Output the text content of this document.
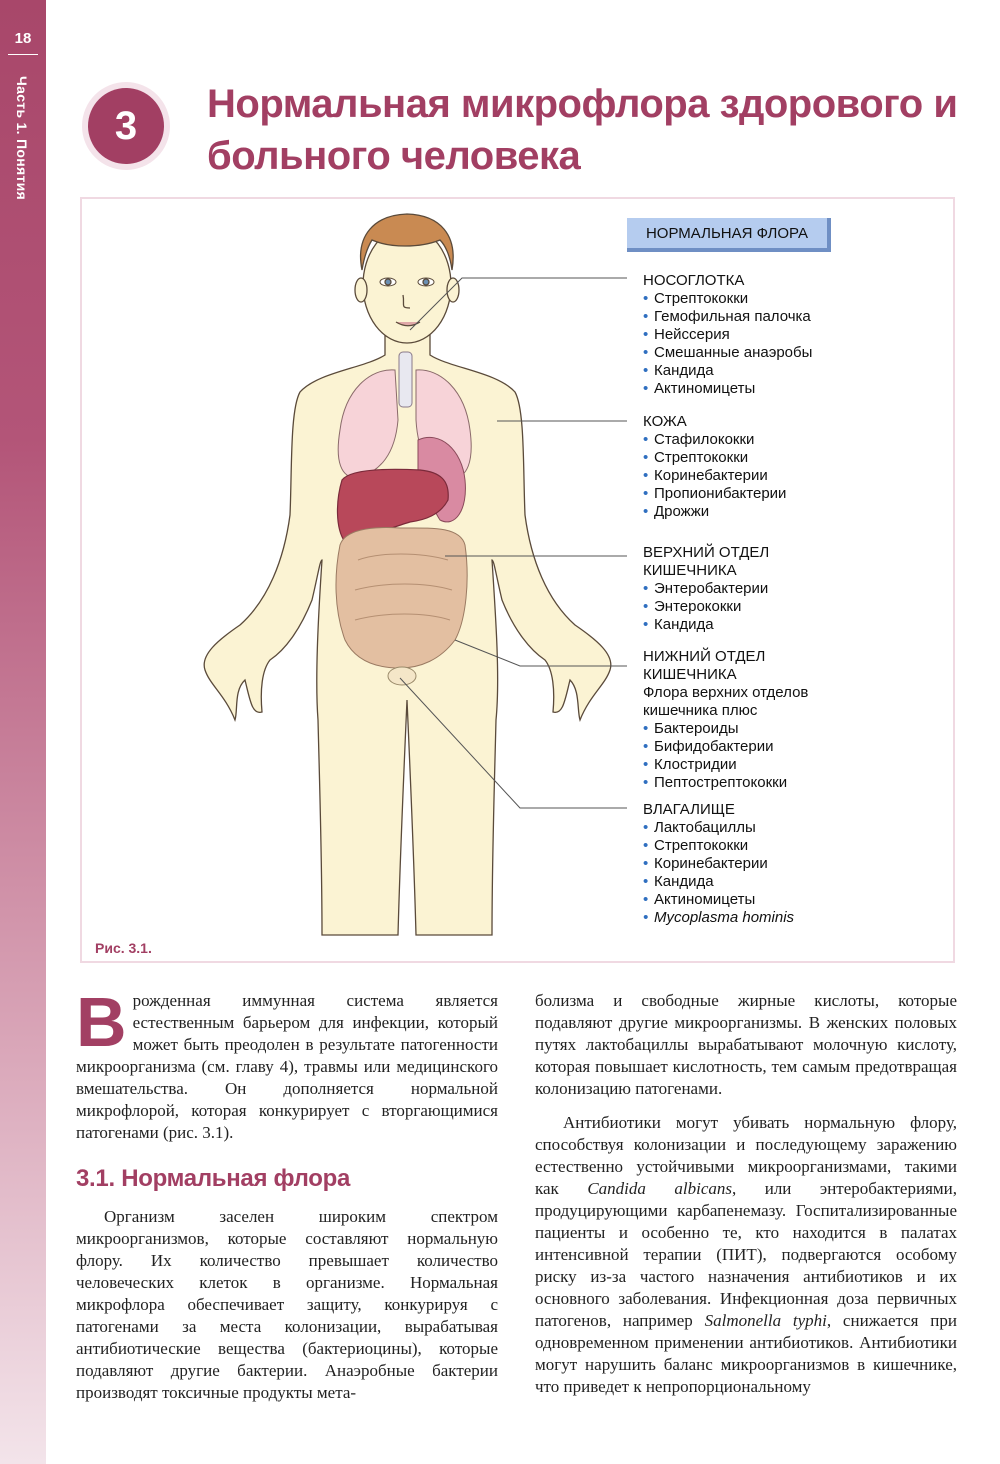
18
Часть 1. Понятия	3	Нормальная микрофлора здорового и больного человека
НОРМАЛЬНАЯ ФЛОРА
НОСОГЛОТКА
• Стрептококки
• Гемофильная палочка
• Нейссерия
• Смешанные анаэробы
• Кандида
• Актиномицеты
КОЖА
• Стафилококки
• Стрептококки
• Коринебактерии
• Пропионибактерии
• Дрожжи
ВЕРХНИЙ ОТДЕЛ
КИШЕЧНИКА
• Энтеробактерии
• Энтерококки
• Кандида
НИЖНИЙ ОТДЕЛ
КИШЕЧНИКА
Флора верхних отделов
кишечника плюс
• Бактероиды
• Бифидобактерии
• Клостридии
• Пептострептококки
ВЛАГАЛИЩЕ
• Лактобациллы
• Стрептококки
• Коринебактерии
• Кандида
• Актиномицеты
• Mycoplasma hominis
Рис. 3.1.

Врожденная иммунная система является естественным барьером для инфекции, который может быть преодолен в результате патогенности микроорганизма (см. главу 4), травмы или медицинского вмешательства. Он дополняется нормальной микрофлорой, которая конкурирует с вторгающимися патогенами (рис. 3.1).

3.1. Нормальная флора

Организм заселен широким спектром микроорганизмов, которые составляют нормальную флору. Их количество превышает количество человеческих клеток в организме. Нормальная микрофлора обеспечивает защиту, конкурируя с патогенами за места колонизации, вырабатывая антибиотические вещества (бактериоцины), которые подавляют другие бактерии. Анаэробные бактерии производят токсичные продукты мета-

болизма и свободные жирные кислоты, которые подавляют другие микроорганизмы. В женских половых путях лактобациллы вырабатывают молочную кислоту, которая повышает кислотность, тем самым предотвращая колонизацию патогенами.

Антибиотики могут убивать нормальную флору, способствуя колонизации и последующему заражению естественно устойчивыми микроорганизмами, такими как Candida albicans, или энтеробактериями, продуцирующими карбапенемазу. Госпитализированные пациенты и особенно те, кто находится в палатах интенсивной терапии (ПИТ), подвергаются особому риску из-за частого назначения антибиотиков и их основного заболевания. Инфекционная доза первичных патогенов, например Salmonella typhi, снижается при одновременном применении антибиотиков. Антибиотики могут нарушить баланс микроорганизмов в кишечнике, что приведет к непропорциональному
